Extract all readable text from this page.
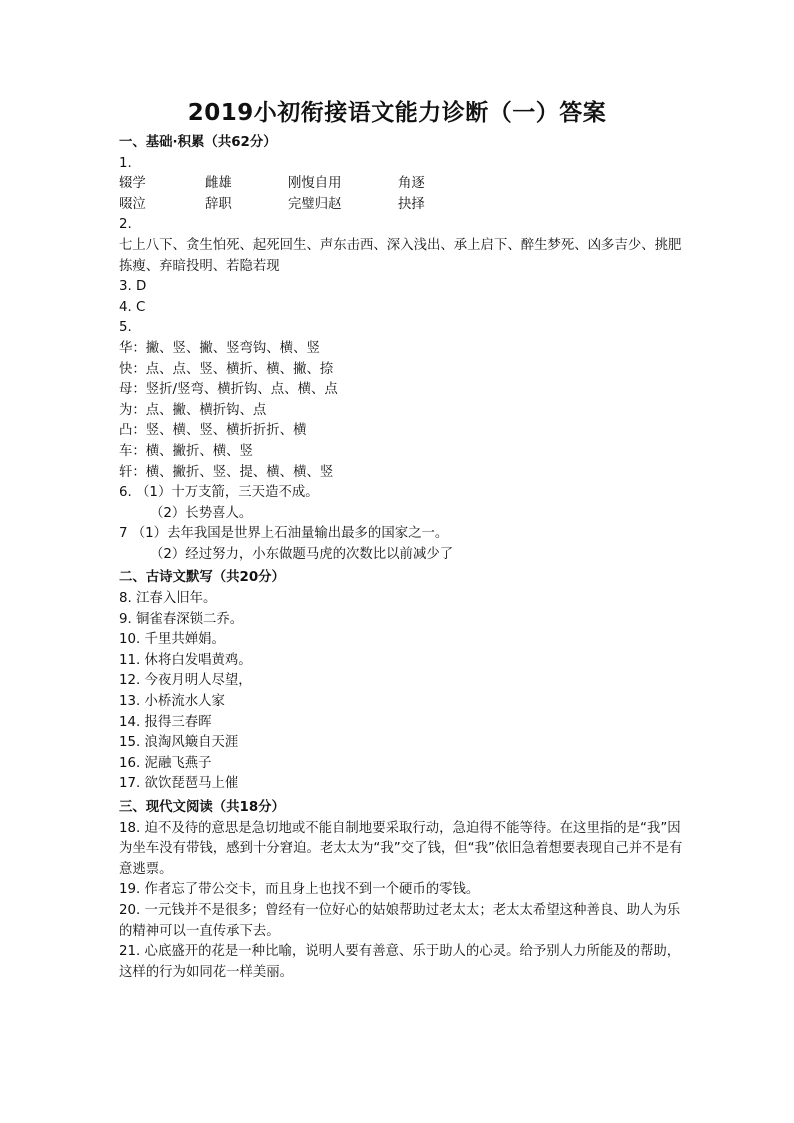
2019小初衔接语文能力诊断（一）答案
一、基础·积累（共62分）
1.
辍学	雌雄	刚愎自用	角逐
啜泣	辞职	完璧归赵	抉择
2.
七上八下、贪生怕死、起死回生、声东击西、深入浅出、承上启下、醉生梦死、凶多吉少、挑肥拣瘦、弃暗投明、若隐若现
3. D
4. C
5.
华：撇、竖、撇、竖弯钩、横、竖
快：点、点、竖、横折、横、撇、捺
母：竖折/竖弯、横折钩、点、横、点
为：点、撇、横折钩、点
凸：竖、横、竖、横折折折、横
车：横、撇折、横、竖
轩：横、撇折、竖、提、横、横、竖
6. （1）十万支箭，三天造不成。
（2）长势喜人。
7 （1）去年我国是世界上石油量输出最多的国家之一。
（2）经过努力，小东做题马虎的次数比以前减少了
二、古诗文默写（共20分）
8. 江春入旧年。
9. 铜雀春深锁二乔。
10. 千里共婵娟。
11. 休将白发唱黄鸡。
12. 今夜月明人尽望，
13. 小桥流水人家
14. 报得三春晖
15. 浪淘风簸自天涯
16. 泥融飞燕子
17. 欲饮琵琶马上催
三、现代文阅读（共18分）
18. 迫不及待的意思是急切地或不能自制地要采取行动，急迫得不能等待。在这里指的是“我”因为坐车没有带钱，感到十分窘迫。老太太为“我”交了钱，但“我”依旧急着想要表现自己并不是有意逃票。
19. 作者忘了带公交卡，而且身上也找不到一个硬币的零钱。
20. 一元钱并不是很多；曾经有一位好心的姑娘帮助过老太太；老太太希望这种善良、助人为乐的精神可以一直传承下去。
21. 心底盛开的花是一种比喻，说明人要有善意、乐于助人的心灵。给予别人力所能及的帮助，这样的行为如同花一样美丽。
